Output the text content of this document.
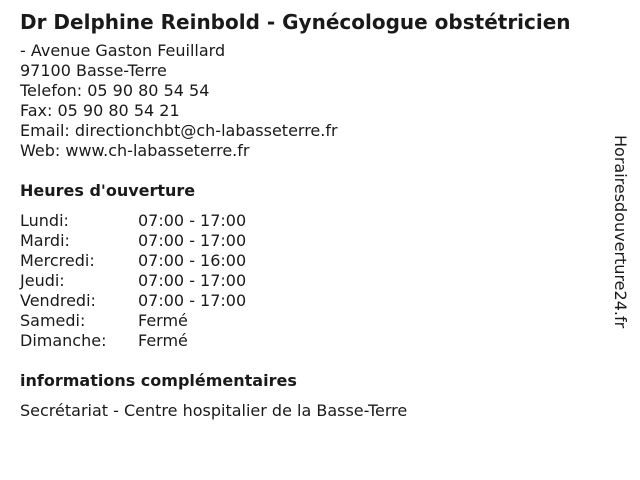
Dr Delphine Reinbold - Gynécologue obstétricien
- Avenue Gaston Feuillard
97100 Basse-Terre
Telefon: 05 90 80 54 54
Fax: 05 90 80 54 21
Email: directionchbt@ch-labasseterre.fr
Web: www.ch-labasseterre.fr
Heures d'ouverture
Lundi:	07:00 - 17:00
Mardi:	07:00 - 17:00
Mercredi:	07:00 - 16:00
Jeudi:	07:00 - 17:00
Vendredi:	07:00 - 17:00
Samedi:	Fermé
Dimanche:	Fermé
informations complémentaires
Secrétariat - Centre hospitalier de la Basse-Terre
Horairesdouverture24.fr
